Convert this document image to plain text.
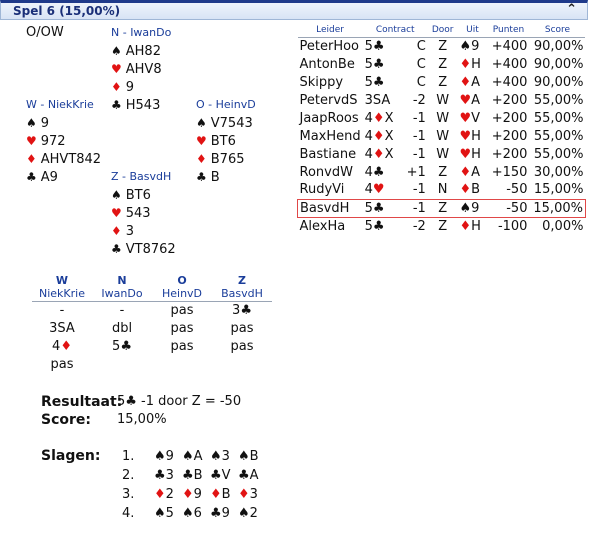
Spel 6 (15,00%)	⌃
O/OW	N - IwanDo
♠ AH82
♥ AHV8
♦ 9
♣ H543
W - NiekKrie
♠ 9
♥ 972
♦ AHVT842
♣ A9
O - HeinvD
♠ V7543
♥ BT6
♦ B765
♣ B
Z - BasvdH
♠ BT6
♥ 543
♦ 3
♣ VT8762
Leider	Contract		Door	Uit	Punten	Score
PeterHoo	5♣	C	Z	♠9	+400	90,00%
AntonBe	5♣	C	Z	♦H	+400	90,00%
Skippy	5♣	C	Z	♦A	+400	90,00%
PetervdS	3SA	-2	W	♥A	+200	55,00%
JaapRoos	4♦X	-1	W	♥V	+200	55,00%
MaxHend	4♦X	-1	W	♥H	+200	55,00%
Bastiane	4♦X	-1	W	♥H	+200	55,00%
RonvdW	4♣	+1	Z	♦A	+150	30,00%
RudyVi	4♥	-1	N	♦B	-50	15,00%
BasvdH	5♣	-1	Z	♠9	-50	15,00%
AlexHa	5♣	-2	Z	♦H	-100	0,00%
W	N	O	Z
NiekKrie	IwanDo	HeinvD	BasvdH
-	-	pas	3♣
3SA	dbl	pas	pas
4♦	5♣	pas	pas
pas			
Resultaat:
5♣ -1 door Z = -50
Score: 15,00%
Slagen: 1.		♠9	♠A	♠3	♠B
2.		♣3	♣B	♣V	♣A
3.		♦2	♦9	♦B	♦3
4.		♠5	♠6	♣9	♠2
